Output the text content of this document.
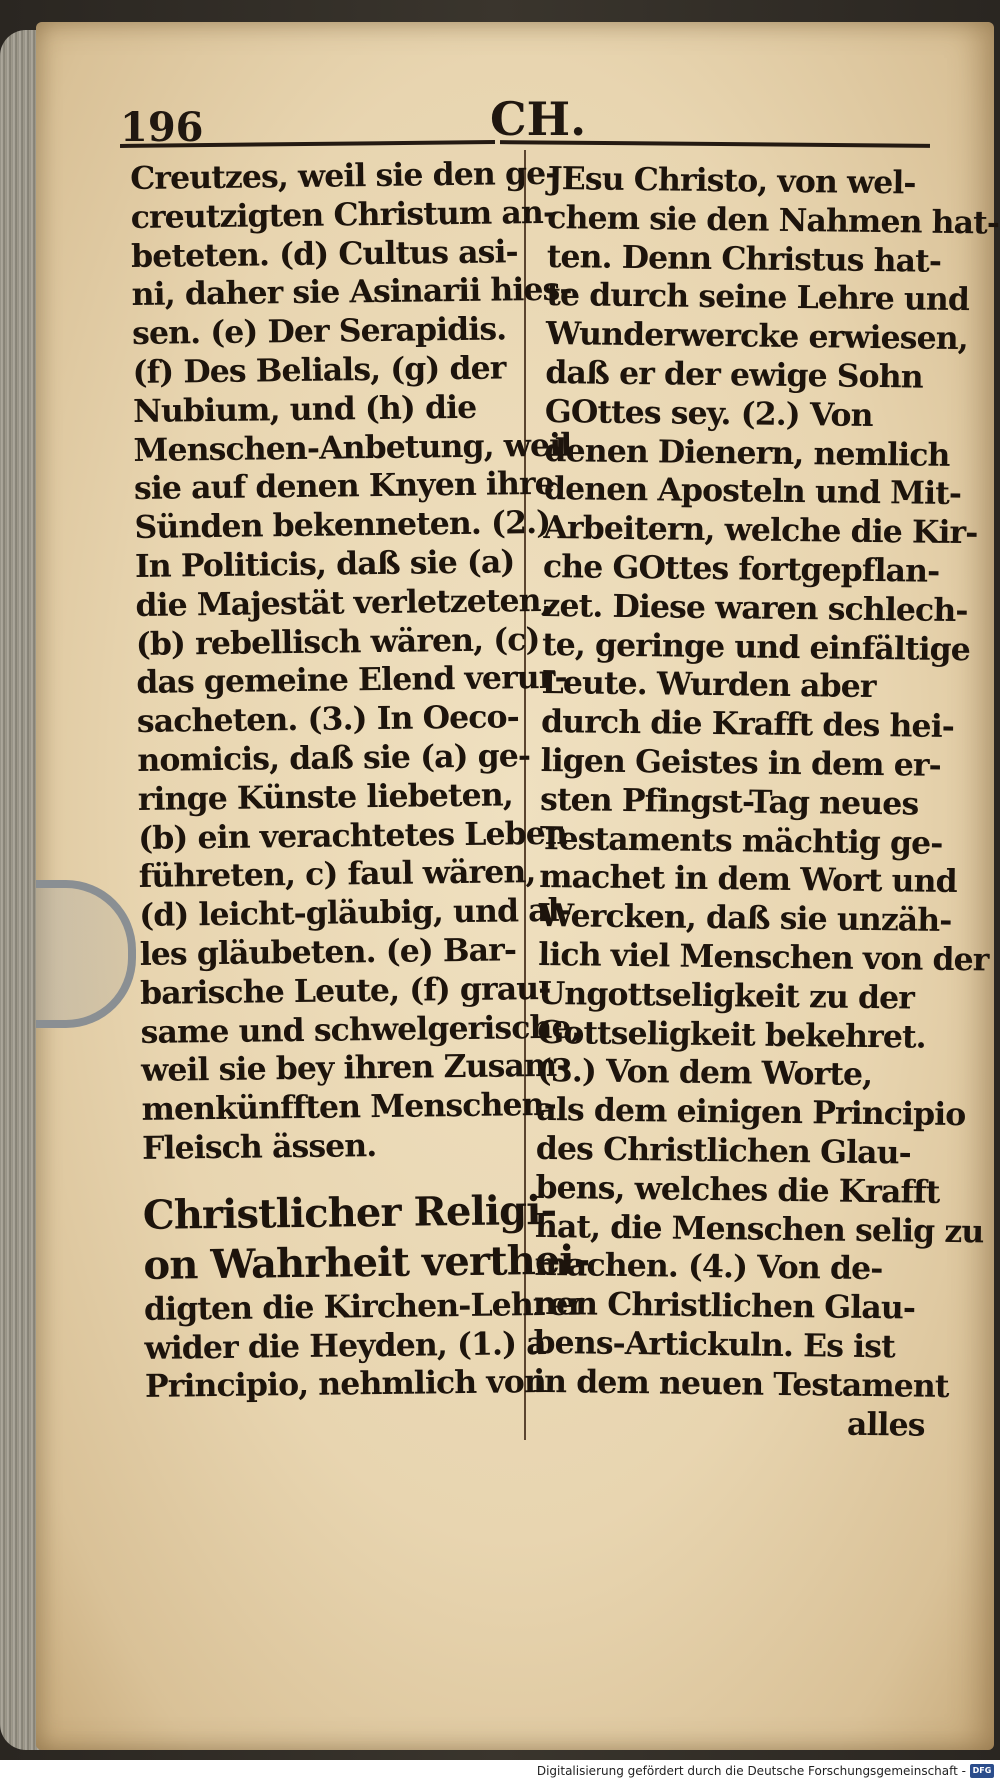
196	CH.
Creutzes, weil sie den ge-
creutzigten Christum an-
beteten. (d) Cultus asi-
ni, daher sie Asinarii hies-
sen. (e) Der Serapidis.
(f) Des Belials, (g) der
Nubium, und (h) die
Menschen-Anbetung, weil
sie auf denen Knyen ihre
Sünden bekenneten. (2.)
In Politicis, daß sie (a)
die Majestät verletzeten,
(b) rebellisch wären, (c)
das gemeine Elend verur-
sacheten. (3.) In Oeco-
nomicis, daß sie (a) ge-
ringe Künste liebeten,
(b) ein verachtetes Leben
führeten, c) faul wären,
(d) leicht-gläubig, und al-
les gläubeten. (e) Bar-
barische Leute, (f) grau-
same und schwelgerische,
weil sie bey ihren Zusam-
menkünfften Menschen-
Fleisch ässen.
Christlicher Religi-
on Wahrheit verthei-
digten die Kirchen-Lehrer
wider die Heyden, (1.) a
Principio, nehmlich von
JEsu Christo, von wel-
chem sie den Nahmen hat-
ten. Denn Christus hat-
te durch seine Lehre und
Wunderwercke erwiesen,
daß er der ewige Sohn
GOttes sey. (2.) Von
denen Dienern, nemlich
denen Aposteln und Mit-
Arbeitern, welche die Kir-
che GOttes fortgepflan-
zet. Diese waren schlech-
te, geringe und einfältige
Leute. Wurden aber
durch die Krafft des hei-
ligen Geistes in dem er-
sten Pfingst-Tag neues
Testaments mächtig ge-
machet in dem Wort und
Wercken, daß sie unzäh-
lich viel Menschen von der
Ungottseligkeit zu der
Gottseligkeit bekehret.
(3.) Von dem Worte,
als dem einigen Principio
des Christlichen Glau-
bens, welches die Krafft
hat, die Menschen selig zu
machen. (4.) Von de-
nen Christlichen Glau-
bens-Artickuln. Es ist
in dem neuen Testament
alles
Digitalisierung gefördert durch die Deutsche Forschungsgemeinschaft - DFG
